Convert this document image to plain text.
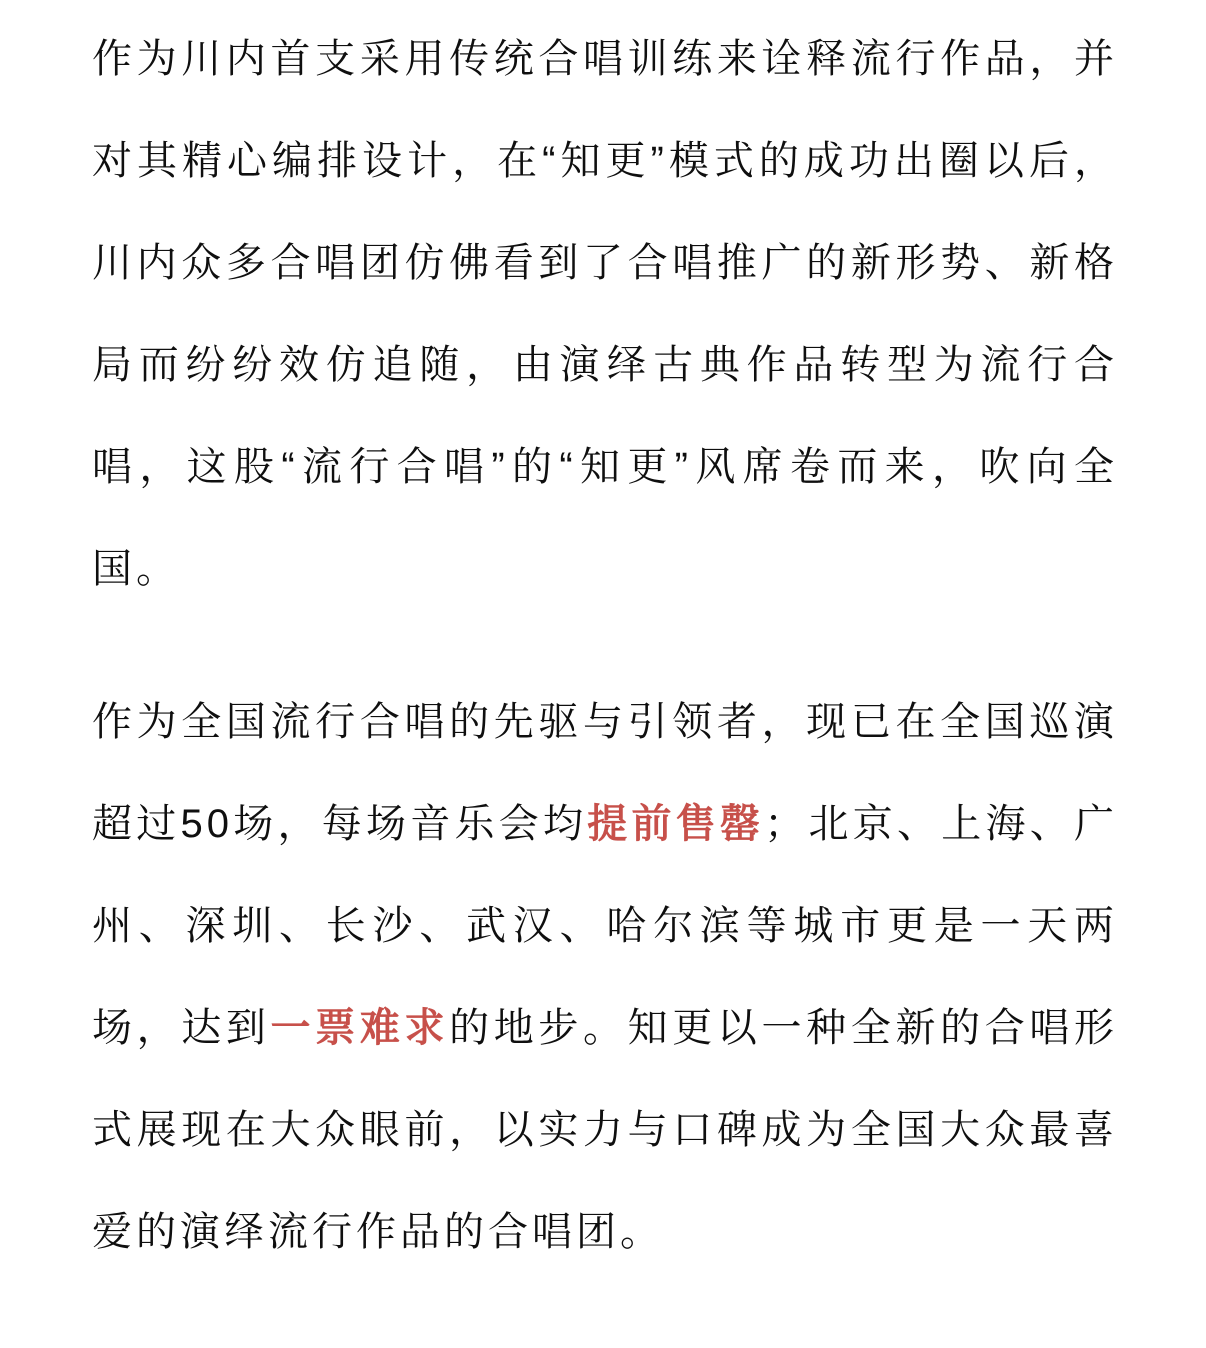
作为川内首支采用传统合唱训练来诠释流行作品，并对其精心编排设计，在“知更”模式的成功出圈以后，川内众多合唱团仿佛看到了合唱推广的新形势、新格局而纷纷效仿追随，由演绎古典作品转型为流行合唱，这股“流行合唱”的“知更”风席卷而来，吹向全国。

作为全国流行合唱的先驱与引领者，现已在全国巡演超过50场，每场音乐会均提前售罄；北京、上海、广州、深圳、长沙、武汉、哈尔滨等城市更是一天两场，达到一票难求的地步。知更以一种全新的合唱形式展现在大众眼前，以实力与口碑成为全国大众最喜爱的演绎流行作品的合唱团。
